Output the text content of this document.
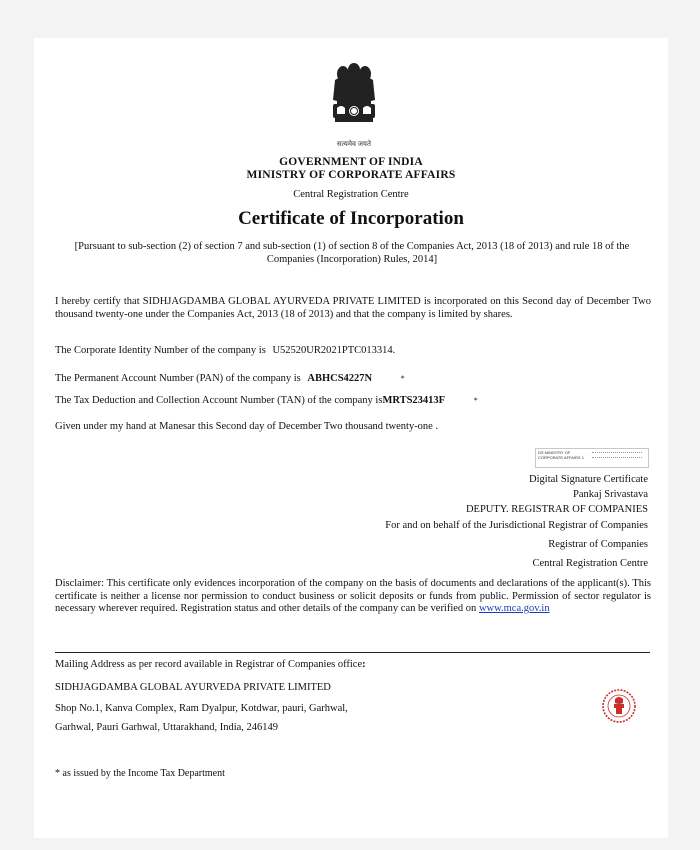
सत्यमेव जयते
GOVERNMENT OF INDIA
MINISTRY OF CORPORATE AFFAIRS
Central Registration Centre
Certificate of Incorporation
[Pursuant to sub-section (2) of section 7 and sub-section (1) of section 8 of the Companies Act, 2013 (18 of 2013) and rule 18 of the Companies (Incorporation) Rules, 2014]
I hereby certify that SIDHJAGDAMBA GLOBAL AYURVEDA PRIVATE LIMITED is incorporated on this Second day of December Two thousand twenty-one under the Companies Act, 2013 (18 of 2013) and that the company is limited by shares.
The Corporate Identity Number of the company is U52520UR2021PTC013314.
The Permanent Account Number (PAN) of the company is ABHCS4227N	*
The Tax Deduction and Collection Account Number (TAN) of the company isMRTS23413F	*
Given under my hand at Manesar this Second day of December Two thousand twenty-one .
DS MINISTRY OF CORPORATE AFFAIRS 1
Digital Signature Certificate
Pankaj Srivastava
DEPUTY. REGISTRAR OF COMPANIES
For and on behalf of the Jurisdictional Registrar of Companies
Registrar of Companies
Central Registration Centre
Disclaimer: This certificate only evidences incorporation of the company on the basis of documents and declarations of the applicant(s). This certificate is neither a license nor permission to conduct business or solicit deposits or funds from public. Permission of sector regulator is necessary wherever required. Registration status and other details of the company can be verified on www.mca.gov.in
Mailing Address as per record available in Registrar of Companies office:
SIDHJAGDAMBA GLOBAL AYURVEDA PRIVATE LIMITED
Shop No.1, Kanva Complex, Ram Dyalpur, Kotdwar, pauri, Garhwal,
Garhwal, Pauri Garhwal, Uttarakhand, India, 246149
* as issued by the Income Tax Department
